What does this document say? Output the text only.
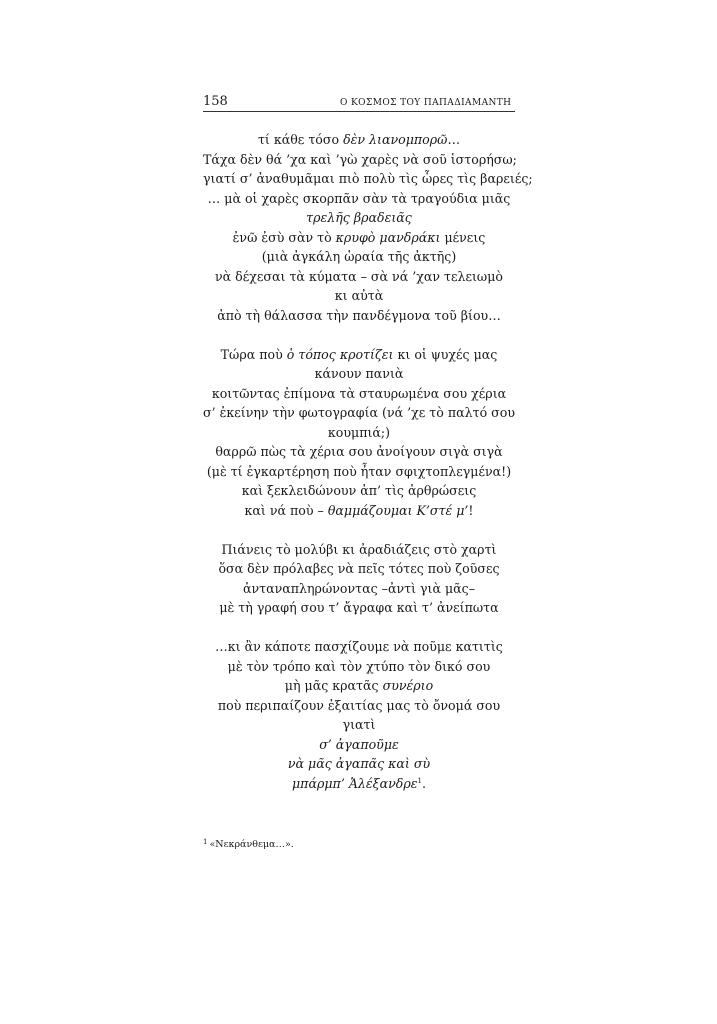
158	Ο ΚΟΣΜΟΣ ΤΟΥ ΠΑΠΑΔΙΑΜΑΝΤΗ
τί κάθε τόσο δὲν λιανομπορῶ…
Τάχα δὲν θά ’χα καὶ ’γὼ χαρὲς νὰ σοῦ ἱστορήσω;
γιατί σ’ ἀναθυμᾶμαι πιὸ πολὺ τὶς ὧρες τὶς βαρειές;
… μὰ οἱ χαρὲς σκορπᾶν σὰν τὰ τραγούδια μιᾶς
τρελῆς βραδειᾶς
ἐνῶ ἐσὺ σὰν τὸ κρυφὸ μανδράκι μένεις
(μιὰ ἀγκάλη ὡραία τῆς ἀκτῆς)
νὰ δέχεσαι τὰ κύματα – σὰ νά ’χαν τελειωμὸ
κι αὐτὰ
ἀπὸ τὴ θάλασσα τὴν πανδέγμονα τοῦ βίου…
Τώρα ποὺ ὁ τόπος κροτίζει κι οἱ ψυχές μας
κάνουν πανιὰ
κοιτῶντας ἐπίμονα τὰ σταυρωμένα σου χέρια
σ’ ἐκείνην τὴν φωτογραφία (νά ’χε τὸ παλτό σου
κουμπιά;)
θαρρῶ πὼς τὰ χέρια σου ἀνοίγουν σιγὰ σιγὰ
(μὲ τί ἐγκαρτέρηση ποὺ ἦταν σφιχτοπλεγμένα!)
καὶ ξεκλειδώνουν ἀπ’ τὶς ἀρθρώσεις
καὶ νά ποὺ – θαμμάζουμαι Κ’στέ μ’!
Πιάνεις τὸ μολύβι κι ἀραδιάζεις στὸ χαρτὶ
ὅσα δὲν πρόλαβες νὰ πεῖς τότες ποὺ ζοῦσες
ἀνταναπληρώνοντας –ἀντὶ γιὰ μᾶς–
μὲ τὴ γραφή σου τ’ ἄγραφα καὶ τ’ ἀνείπωτα
…κι ἂν κάποτε πασχίζουμε νὰ ποῦμε κατιτὶς
μὲ τὸν τρόπο καὶ τὸν χτύπο τὸν δικό σου
μὴ μᾶς κρατᾶς συνέριο
ποὺ περιπαίζουν ἐξαιτίας μας τὸ ὄνομά σου
γιατὶ
σ’ ἀγαποῦμε
νὰ μᾶς ἀγαπᾶς καὶ σὺ
μπάρμπ’ Ἀλέξανδρε$^1$.
$^1$ «Νεκράνθεμα…».
